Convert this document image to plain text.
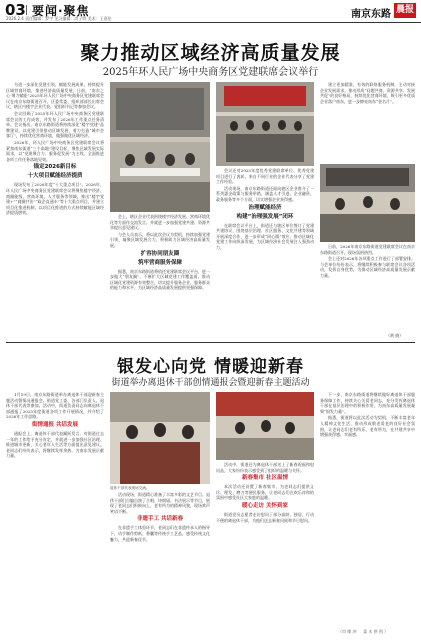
03 要闻·聚焦
2026.2.4 责任编辑：罗宇 见习编辑：尚子明 美术：王嘉伦	南京东路 晨报
聚力推动区域经济高质量发展
2025年环人民广场中央商务区党建联席会议举行

为进一步深化党建引领，赋能发展成果，持续提升区域营商环境，推进经济高质量发展，日前，“南东之心·聚力赋能”2025年环人民广场中央商务区党建联席会议在南京东路街道召开，区委常委、组织部部长出席会议，辖区内楼宇企业代表、党组织书记等参加会议。

会议回顾了2025年环人民广场中央商务区党建联席会议的工作成效，并发布了2026年工作重点任务清单。会议指出，南京东路街道将持续深化“楼宇党建”品牌建设，以党建引领推动区域发展，着力打造“城市会客厅”，持续优化营商环境，做强做优区域经济。

2026年，环人民广场中央商务区党建联席会议将紧扣南东街道“三个高地”建设目标，聚焦区域发展实际需求，以“党建聚合力、服务促发展”为主线，全面推进各项工作任务落地见效。

锚定2026新目标
十大项目赋能经济提质

现场发布了2026年度“十大重点项目”。2026年，环人民广场中央商务区党建联席会议将聚焦楼宇经济、商圈能级、营商环境、人才服务等领域，推出“楼宇党建+”“商圈共治”“政企直通车”等十大重点项目，并建立项目化推进机制，以项目化推进的方式持续赋能区域经济提质增效。

会上，辖区企业代表围绕楼宇经济发展、营商环境优化等方面作交流发言，并就进一步加强党建共建、资源共享提出意见建议。

与会人员表示，将以此次会议为契机，持续加强党建引领，凝聚区域发展合力，积极助力区域经济高质量发展。

扩容协同朋友圈
筑牢营商服务保障

据悉，南京东路街道将依托党建联席会议平台，进一步做大“朋友圈”，不断扩大区域党建工作覆盖面，推动区域化党建资源有效整合，切实提升服务企业、服务群众的能力和水平，为区域经济高质量发展提供坚强保障。

会议还对2025年度优秀党建联席单位、优秀党建项目进行了表彰，来自不同行业的企业代表分享了党建工作经验。

活动现场，南京东路街道还面向辖区企业推介了一系列惠企政策与服务举措，涵盖人才引进、企业融资、政务服务等多个方面，切实增强企业获得感。

治理赋能经济
构建“治理强发展”闭环

在联席会议平台上，街道还与辖区单位签订了党建共建协议，围绕基层治理、社区服务、文化共建等领域开展深度合作，进一步形成“同心圆”效应，推动区域化党建工作向纵深发展，为区域经济社会发展注入强劲动力。

建立更加精准、有效的联络服务机制，主动对接企业发展需求，推动形成“问题共商、资源共享、发展共促”的良好格局，持续优化营商环境，吸引更多优质企业落户南东，进一步擦亮南东“金名片”。

日前，2026年南京东路街道党建联席会议在南京东路街道召开，现场氛围热烈。

会上还对2026年各项重点工作进行了部署安排。与会单位纷纷表示，将继续积极参与联席会议各项活动，发挥自身优势，为推动区域经济高质量发展贡献力量。

（黄 晓）
银发心向党 情暖迎新春
街道举办离退休干部创情通报会暨迎新春主题活动

1月19日，南京东路街道举办离退休干部迎新春主题活动暨情况通报会。街道党工委、各部门负责人、退休干部代表等参加。活动中，街道负责同志向离退休干部通报了2025年度街道各项工作开展情况，并介绍了2026年工作思路。

街情通报 共话发展

通报会上，离退休干部代表踊跃发言，对街道过去一年的工作给予充分肯定，并就进一步加强社区治理、推进城市更新、关心老年人生活等方面提出意见建议。老同志们纷纷表示，将继续发挥余热，为南东发展贡献力量。

退休干部代表现场交流。

活动现场，街道精心准备了丰富多彩的文艺节目。退休干部们自编自演了合唱、诗朗诵、书法展示等节目，展现了老同志们积极向上、老有所为的精神风貌，现场欢声笑语不断。

非遗手工 共话新春

在非遗手工体验环节，老同志们在非遗传承人的指导下，动手制作剪纸、香囊等传统手工艺品，感受传统文化魅力，共迎新春佳节。

活动中，街道还为离退休干部送上了新春祝福和慰问品，大家纷纷表示感受到了组织的温暖与关怀。

新春集市 社区温情

本次活动还设置了新春集市，为老同志们提供义诊、理发、磨刀等便民服务，让老同志们在欢乐祥和的氛围中感受社区大家庭的温暖。

暖心走访 关怀到家

街道党员志愿者走访慰问了部分高龄、独居、行动不便的离退休干部，为他们送去新春问候和节日慰问。

下一步，南京东路街道将继续做好离退休干部服务保障工作，持续关心关爱老同志，充分发挥离退休干部在基层治理中的积极作用，为南东高质量发展凝聚“银发力量”。

据悉，街道将以此次活动为契机，不断丰富老年人精神文化生活，推动形成敬老爱老的良好社会氛围，让老同志们老有所乐、老有所为，在共建共享中增强获得感、幸福感。

（市 维 冲 　 姜 木 供 图 ）
